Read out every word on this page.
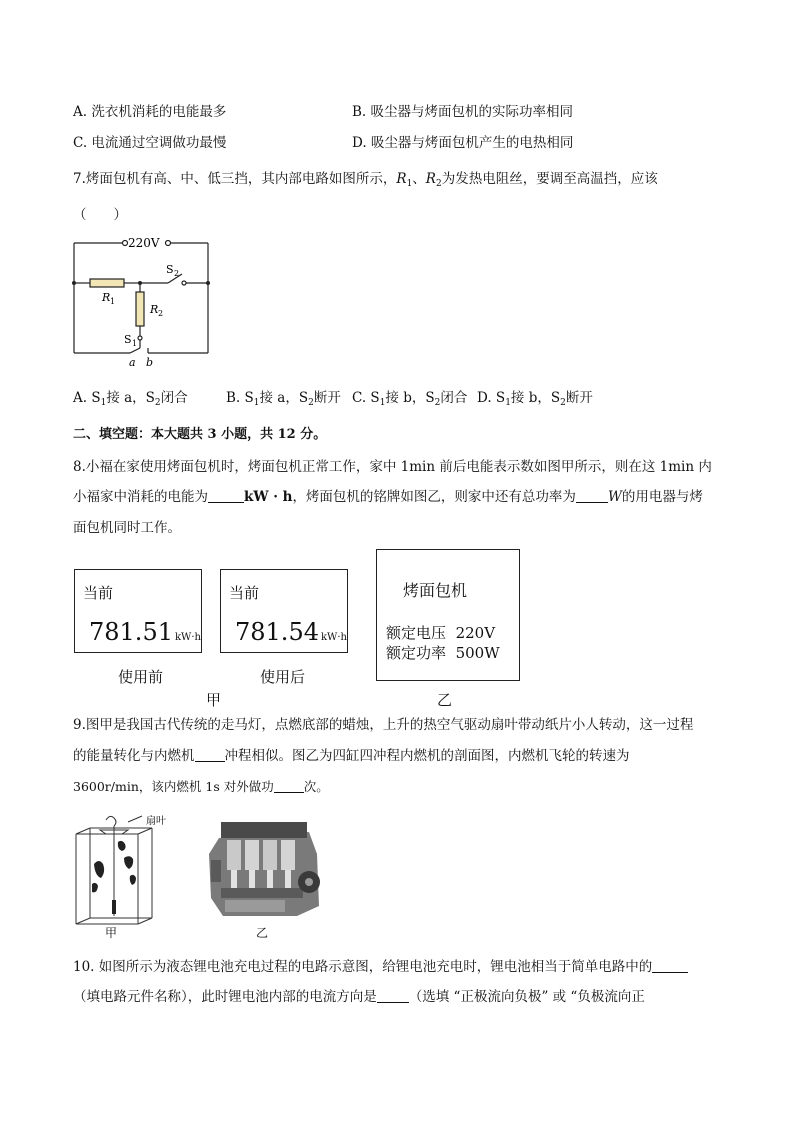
A. 洗衣机消耗的电能最多	B. 吸尘器与烤面包机的实际功率相同
C. 电流通过空调做功最慢	D. 吸尘器与烤面包机产生的电热相同
7.烤面包机有高、中、低三挡，其内部电路如图所示，$R_1$、$R_2$为发热电阻丝，要调至高温挡，应该
（　　）
220V
R 1
R 2
S 2
S 1
a b
A. $S_1$接 a，$S_2$闭合	B. $S_1$接 a，$S_2$断开 C. $S_1$接 b，$S_2$闭合 D. $S_1$接 b，$S_2$断开
二、填空题：本大题共 3 小题，共 12 分。
8.小福在家使用烤面包机时，烤面包机正常工作，家中 1min 前后电能表示数如图甲所示，则在这 1min 内
小福家中消耗的电能为	kW · h，烤面包机的铭牌如图乙，则家中还有总功率为 W的用电器与烤
面包机同时工作。
当前
781.51 kW·h
使用前
当前
781.54 kW·h
使用后
甲
烤面包机
额定电压 220V
额定功率 500W
乙
9.图甲是我国古代传统的走马灯，点燃底部的蜡烛，上升的热空气驱动扇叶带动纸片小人转动，这一过程
的能量转化与内燃机 冲程相似。图乙为四缸四冲程内燃机的剖面图，内燃机飞轮的转速为
3600r/min，该内燃机 1s 对外做功 次。
扇叶
甲	乙
10. 如图所示为液态锂电池充电过程的电路示意图，给锂电池充电时，锂电池相当于简单电路中的
（填电路元件名称），此时锂电池内部的电流方向是 （选填 “正极流向负极” 或 “负极流向正
